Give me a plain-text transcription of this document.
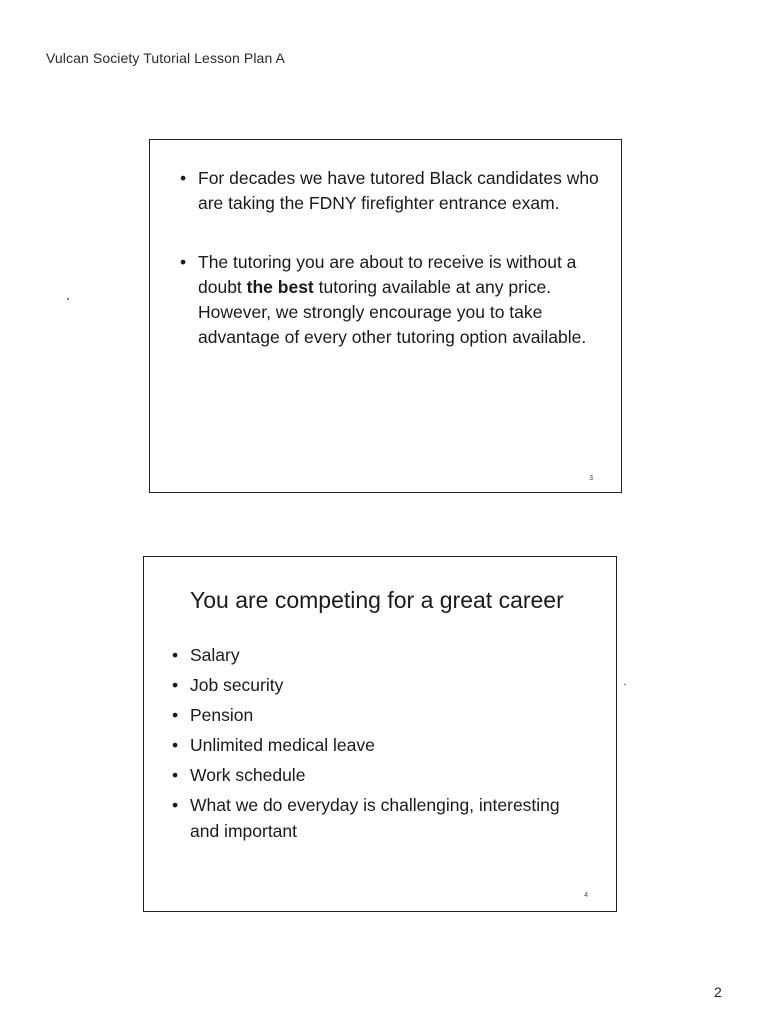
Vulcan Society Tutorial Lesson Plan A
• For decades we have tutored Black candidates who are taking the FDNY firefighter entrance exam.
• The tutoring you are about to receive is without a doubt the best tutoring available at any price. However, we strongly encourage you to take advantage of every other tutoring option available.
3
You are competing for a great career
• Salary
• Job security
• Pension
• Unlimited medical leave
• Work schedule
• What we do everyday is challenging, interesting and important
4
2
